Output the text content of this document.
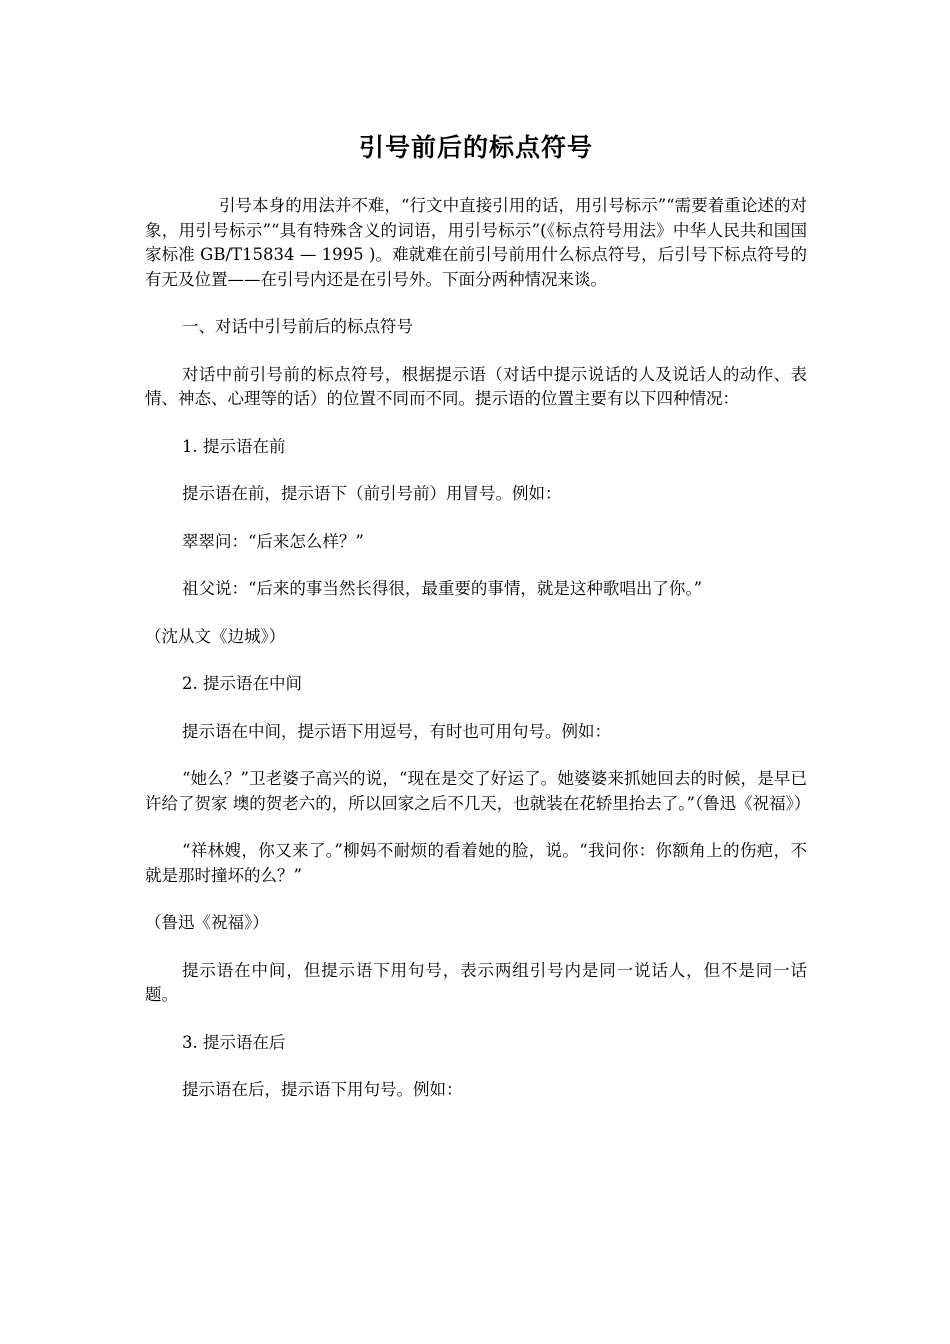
引号前后的标点符号

引号本身的用法并不难，“行文中直接引用的话，用引号标示”“需要着重论述的对象，用引号标示”“具有特殊含义的词语，用引号标示”(《标点符号用法》中华人民共和国国家标准 GB/T15834 — 1995 )。难就难在前引号前用什么标点符号，后引号下标点符号的有无及位置——在引号内还是在引号外。下面分两种情况来谈。

一、对话中引号前后的标点符号

对话中前引号前的标点符号，根据提示语（对话中提示说话的人及说话人的动作、表情、神态、心理等的话）的位置不同而不同。提示语的位置主要有以下四种情况：

1. 提示语在前

提示语在前，提示语下（前引号前）用冒号。例如：

翠翠问：“后来怎么样？”

祖父说：“后来的事当然长得很，最重要的事情，就是这种歌唱出了你。”

（沈从文《边城》）

2. 提示语在中间

提示语在中间，提示语下用逗号，有时也可用句号。例如：

“她么？”卫老婆子高兴的说，“现在是交了好运了。她婆婆来抓她回去的时候，是早已许给了贺家 墺的贺老六的，所以回家之后不几天，也就装在花轿里抬去了。”（鲁迅《祝福》）

“祥林嫂，你又来了。”柳妈不耐烦的看着她的脸，说。“我问你：你额角上的伤疤，不就是那时撞坏的么？”

（鲁迅《祝福》）

提示语在中间，但提示语下用句号，表示两组引号内是同一说话人，但不是同一话题。

3. 提示语在后

提示语在后，提示语下用句号。例如：
